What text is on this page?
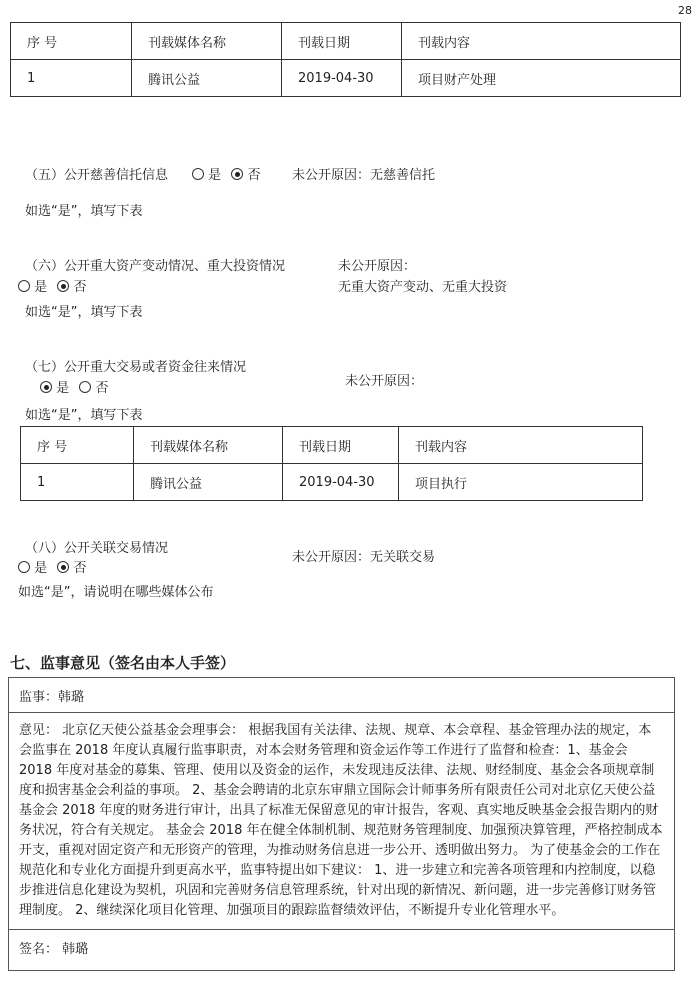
28
序 号	刊载媒体名称	刊载日期	刊载内容
1	腾讯公益	2019-04-30	项目财产处理
（五）公开慈善信托信息	是 否 未公开原因：无慈善信托
如选“是”，填写下表
（六）公开重大资产变动情况、重大投资情况
是 否
未公开原因：
无重大资产变动、无重大投资
如选“是”，填写下表
（七）公开重大交易或者资金往来情况
是 否	未公开原因：
如选“是”，填写下表
序 号	刊载媒体名称	刊载日期	刊载内容
1	腾讯公益	2019-04-30	项目执行
（八）公开关联交易情况
是 否
未公开原因：无关联交易
如选“是”，请说明在哪些媒体公布
七、监事意见（签名由本人手签）
监事：韩璐
意见： 北京亿天使公益基金会理事会： 根据我国有关法律、法规、规章、本会章程、基金管理办法的规定，本会监事在 2018 年度认真履行监事职责，对本会财务管理和资金运作等工作进行了监督和检查：1、基金会 2018 年度对基金的募集、管理、使用以及资金的运作，未发现违反法律、法规、财经制度、基金会各项规章制度和损害基金会利益的事项。 2、基金会聘请的北京东审鼎立国际会计师事务所有限责任公司对北京亿天使公益基金会 2018 年度的财务进行审计，出具了标准无保留意见的审计报告，客观、真实地反映基金会报告期内的财务状况，符合有关规定。 基金会 2018 年在健全体制机制、规范财务管理制度、加强预决算管理，严格控制成本开支，重视对固定资产和无形资产的管理，为推动财务信息进一步公开、透明做出努力。 为了使基金会的工作在规范化和专业化方面提升到更高水平，监事特提出如下建议： 1、进一步建立和完善各项管理和内控制度，以稳步推进信息化建设为契机，巩固和完善财务信息管理系统，针对出现的新情况、新问题，进一步完善修订财务管理制度。 2、继续深化项目化管理、加强项目的跟踪监督绩效评估，不断提升专业化管理水平。
签名： 韩璐
